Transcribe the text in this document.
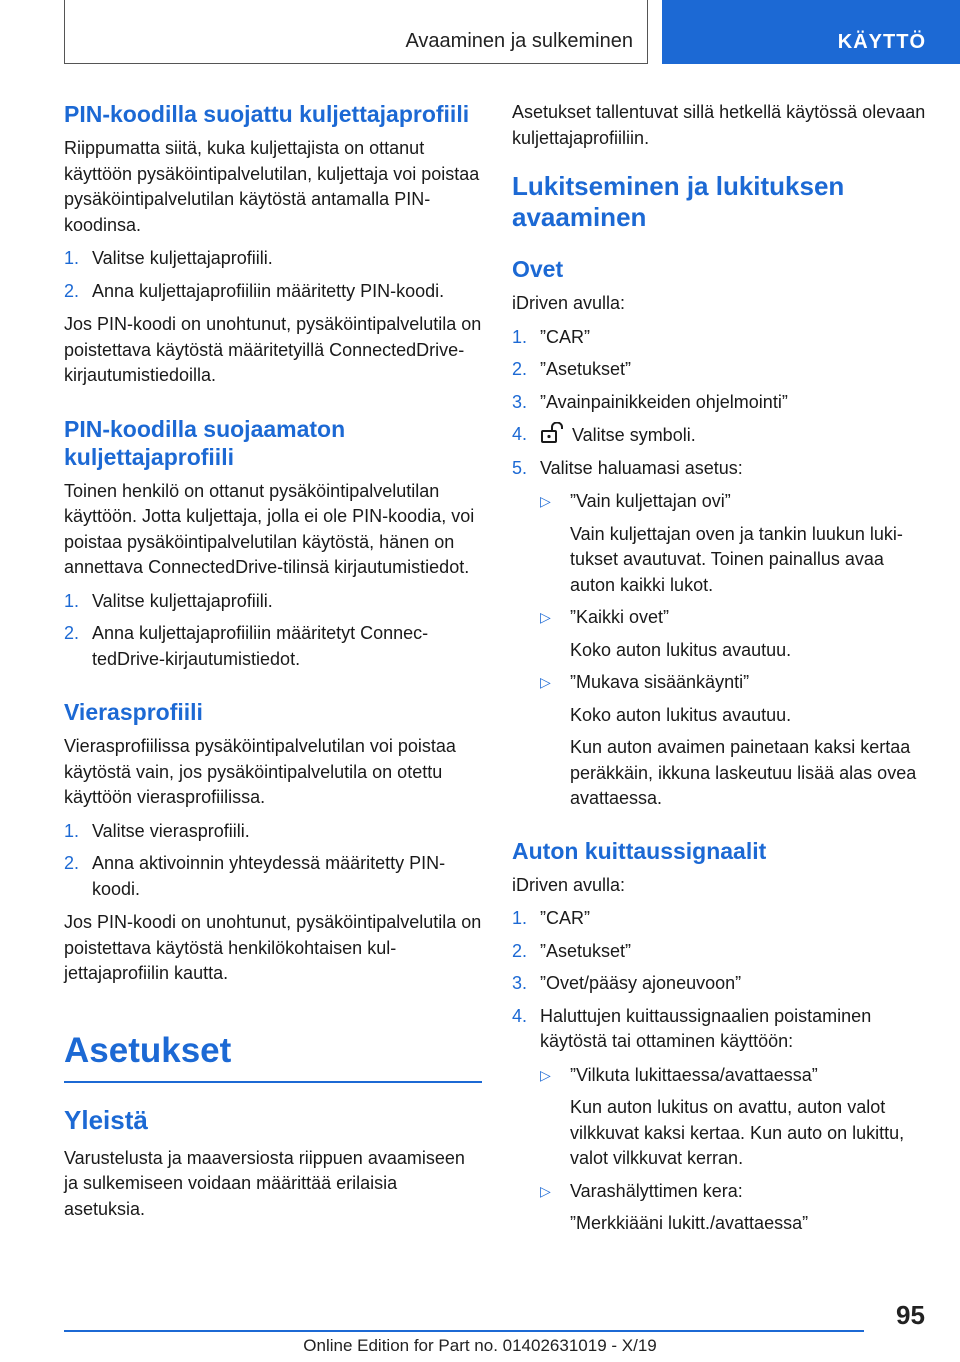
Avaaminen ja sulkeminen	KÄYTTÖ
PIN-koodilla suojattu kuljettajaprofiili
Riippumatta siitä, kuka kuljettajista on ottanut käyttöön pysäköintipalvelutilan, kuljettaja voi poistaa pysäköintipalvelutilan käytöstä antamalla PIN-koodinsa.
1. Valitse kuljettajaprofiili.
2. Anna kuljettajaprofiiliin määritetty PIN-koodi.
Jos PIN-koodi on unohtunut, pysäköintipalvelutila on poistettava käytöstä määritetyillä ConnectedDrive-kirjautumistiedoilla.
PIN-koodilla suojaamaton kuljettajaprofiili
Toinen henkilö on ottanut pysäköintipalvelutilan käyttöön. Jotta kuljettaja, jolla ei ole PIN-koodia, voi poistaa pysäköintipalvelutilan käytöstä, hänen on annettava ConnectedDrive-tilinsä kirjautumistiedot.
1. Valitse kuljettajaprofiili.
2. Anna kuljettajaprofiiliin määritetyt ConnectedDrive-kirjautumistiedot.
Vierasprofiili
Vierasprofiilissa pysäköintipalvelutilan voi poistaa käytöstä vain, jos pysäköintipalvelutila on otettu käyttöön vierasprofiilissa.
1. Valitse vierasprofiili.
2. Anna aktivoinnin yhteydessä määritetty PIN-koodi.
Jos PIN-koodi on unohtunut, pysäköintipalvelutila on poistettava käytöstä henkilökohtaisen kuljettajaprofiilin kautta.
Asetukset
Yleistä
Varustelusta ja maaversiosta riippuen avaamiseen ja sulkemiseen voidaan määrittää erilaisia asetuksia.
Asetukset tallentuvat sillä hetkellä käytössä olevaan kuljettajaprofiiliin.
Lukitseminen ja lukituksen avaaminen
Ovet
iDriven avulla:
1. ”CAR”
2. ”Asetukset”
3. ”Avainpainikkeiden ohjelmointi”
4.	Valitse symboli.
5. Valitse haluamasi asetus:
▷	”Vain kuljettajan ovi”
Vain kuljettajan oven ja tankin luukun lukitukset avautuvat. Toinen painallus avaa auton kaikki lukot.
▷	”Kaikki ovet”
Koko auton lukitus avautuu.
▷	”Mukava sisäänkäynti”
Koko auton lukitus avautuu.
Kun auton avaimen painetaan kaksi kertaa peräkkäin, ikkuna laskeutuu lisää alas ovea avattaessa.
Auton kuittaussignaalit
iDriven avulla:
1. ”CAR”
2. ”Asetukset”
3. ”Ovet/pääsy ajoneuvoon”
4. Haluttujen kuittaussignaalien poistaminen käytöstä tai ottaminen käyttöön:
▷	”Vilkuta lukittaessa/avattaessa”
Kun auton lukitus on avattu, auton valot vilkkuvat kaksi kertaa. Kun auto on lukittu, valot vilkkuvat kerran.
▷	Varashälyttimen kera:
”Merkkiääni lukitt./avattaessa”
95
Online Edition for Part no. 01402631019 - X/19
